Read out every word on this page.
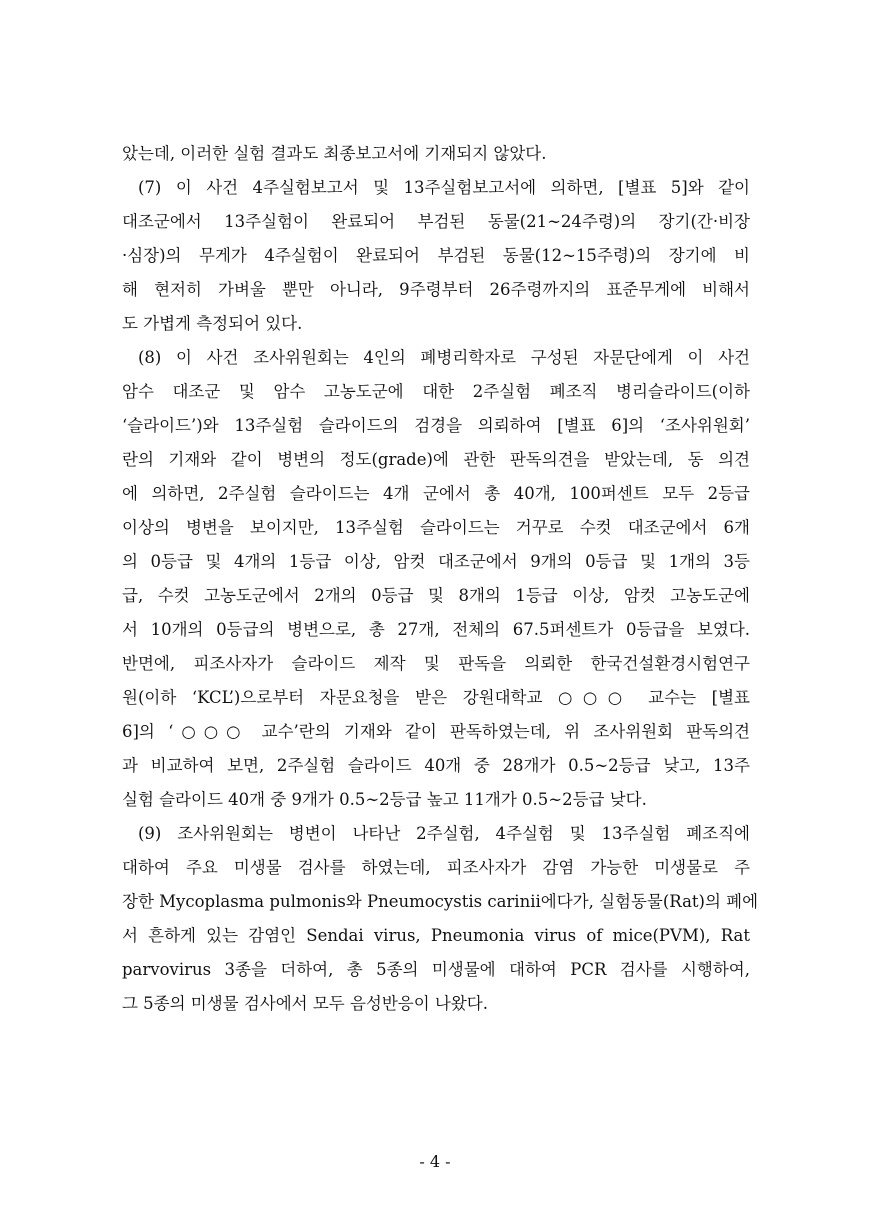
았는데, 이러한 실험 결과도 최종보고서에 기재되지 않았다.
(7) 이 사건 4주실험보고서 및 13주실험보고서에 의하면, [별표 5]와 같이
대조군에서 13주실험이 완료되어 부검된 동물(21∼24주령)의 장기(간·비장
·심장)의 무게가 4주실험이 완료되어 부검된 동물(12∼15주령)의 장기에 비
해 현저히 가벼울 뿐만 아니라, 9주령부터 26주령까지의 표준무게에 비해서
도 가볍게 측정되어 있다.
(8) 이 사건 조사위원회는 4인의 폐병리학자로 구성된 자문단에게 이 사건
암수 대조군 및 암수 고농도군에 대한 2주실험 폐조직 병리슬라이드(이하
‘슬라이드’)와 13주실험 슬라이드의 검경을 의뢰하여 [별표 6]의 ‘조사위원회’
란의 기재와 같이 병변의 정도(grade)에 관한 판독의견을 받았는데, 동 의견
에 의하면, 2주실험 슬라이드는 4개 군에서 총 40개, 100퍼센트 모두 2등급
이상의 병변을 보이지만, 13주실험 슬라이드는 거꾸로 수컷 대조군에서 6개
의 0등급 및 4개의 1등급 이상, 암컷 대조군에서 9개의 0등급 및 1개의 3등
급, 수컷 고농도군에서 2개의 0등급 및 8개의 1등급 이상, 암컷 고농도군에
서 10개의 0등급의 병변으로, 총 27개, 전체의 67.5퍼센트가 0등급을 보였다.
반면에, 피조사자가 슬라이드 제작 및 판독을 의뢰한 한국건설환경시험연구
원(이하 ‘KCL’)으로부터 자문요청을 받은 강원대학교 ○○○ 교수는 [별표
6]의 ‘○○○ 교수’란의 기재와 같이 판독하였는데, 위 조사위원회 판독의견
과 비교하여 보면, 2주실험 슬라이드 40개 중 28개가 0.5∼2등급 낮고, 13주
실험 슬라이드 40개 중 9개가 0.5∼2등급 높고 11개가 0.5∼2등급 낮다.
(9) 조사위원회는 병변이 나타난 2주실험, 4주실험 및 13주실험 폐조직에
대하여 주요 미생물 검사를 하였는데, 피조사자가 감염 가능한 미생물로 주
장한 Mycoplasma pulmonis와 Pneumocystis carinii에다가, 실험동물(Rat)의 폐에
서 흔하게 있는 감염인 Sendai virus, Pneumonia virus of mice(PVM), Rat
parvovirus 3종을 더하여, 총 5종의 미생물에 대하여 PCR 검사를 시행하여,
그 5종의 미생물 검사에서 모두 음성반응이 나왔다.
- 4 -
